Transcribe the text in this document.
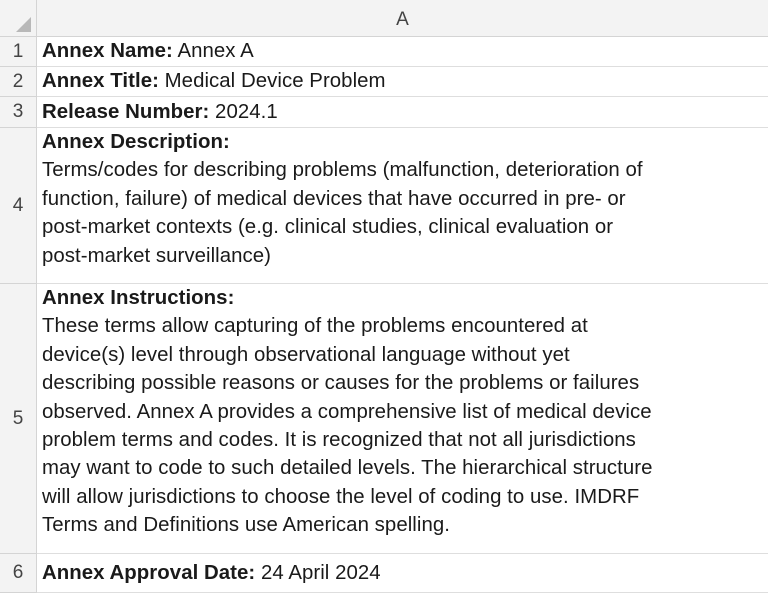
A
1 Annex Name: Annex A
2 Annex Title: Medical Device Problem
3 Release Number: 2024.1
4
Annex Description:
Terms/codes for describing problems (malfunction, deterioration of
function, failure) of medical devices that have occurred in pre- or
post-market contexts (e.g. clinical studies, clinical evaluation or
post-market surveillance)
5
Annex Instructions:
These terms allow capturing of the problems encountered at
device(s) level through observational language without yet
describing possible reasons or causes for the problems or failures
observed. Annex A provides a comprehensive list of medical device
problem terms and codes. It is recognized that not all jurisdictions
may want to code to such detailed levels. The hierarchical structure
will allow jurisdictions to choose the level of coding to use. IMDRF
Terms and Definitions use American spelling.
6 Annex Approval Date: 24 April 2024
